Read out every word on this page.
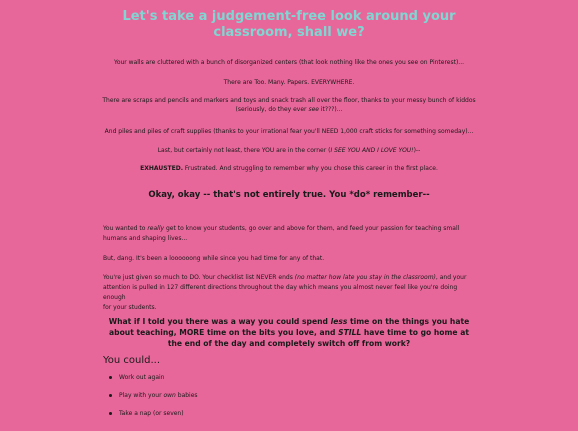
Let's take a judgement-free look around your
classroom, shall we?

Your walls are cluttered with a bunch of disorganized centers (that look nothing like the ones you see on Pinterest)...

There are Too. Many. Papers. EVERYWHERE.

There are scraps and pencils and markers and toys and snack trash all over the floor, thanks to your messy bunch of kiddos
(seriously, do they ever see it???)...

And piles and piles of craft supplies (thanks to your irrational fear you'll NEED 1,000 craft sticks for something someday)...

Last, but certainly not least, there YOU are in the corner (I SEE YOU AND I LOVE YOU!)--

EXHAUSTED. Frustrated. And struggling to remember why you chose this career in the first place.

Okay, okay -- that's not entirely true. You *do* remember--

You wanted to really get to know your students, go over and above for them, and feed your passion for teaching small
humans and shaping lives...

But, dang. It's been a loooooong while since you had time for any of that.

You're just given so much to DO. Your checklist list NEVER ends (no matter how late you stay in the classroom), and your
attention is pulled in 127 different directions throughout the day which means you almost never feel like you're doing enough
for your students.

What if I told you there was a way you could spend less time on the things you hate about teaching, MORE time on the bits you love, and STILL have time to go home at the end of the day and completely switch off from work?

You could...

Work out again
Play with your own babies
Take a nap (or seven)
